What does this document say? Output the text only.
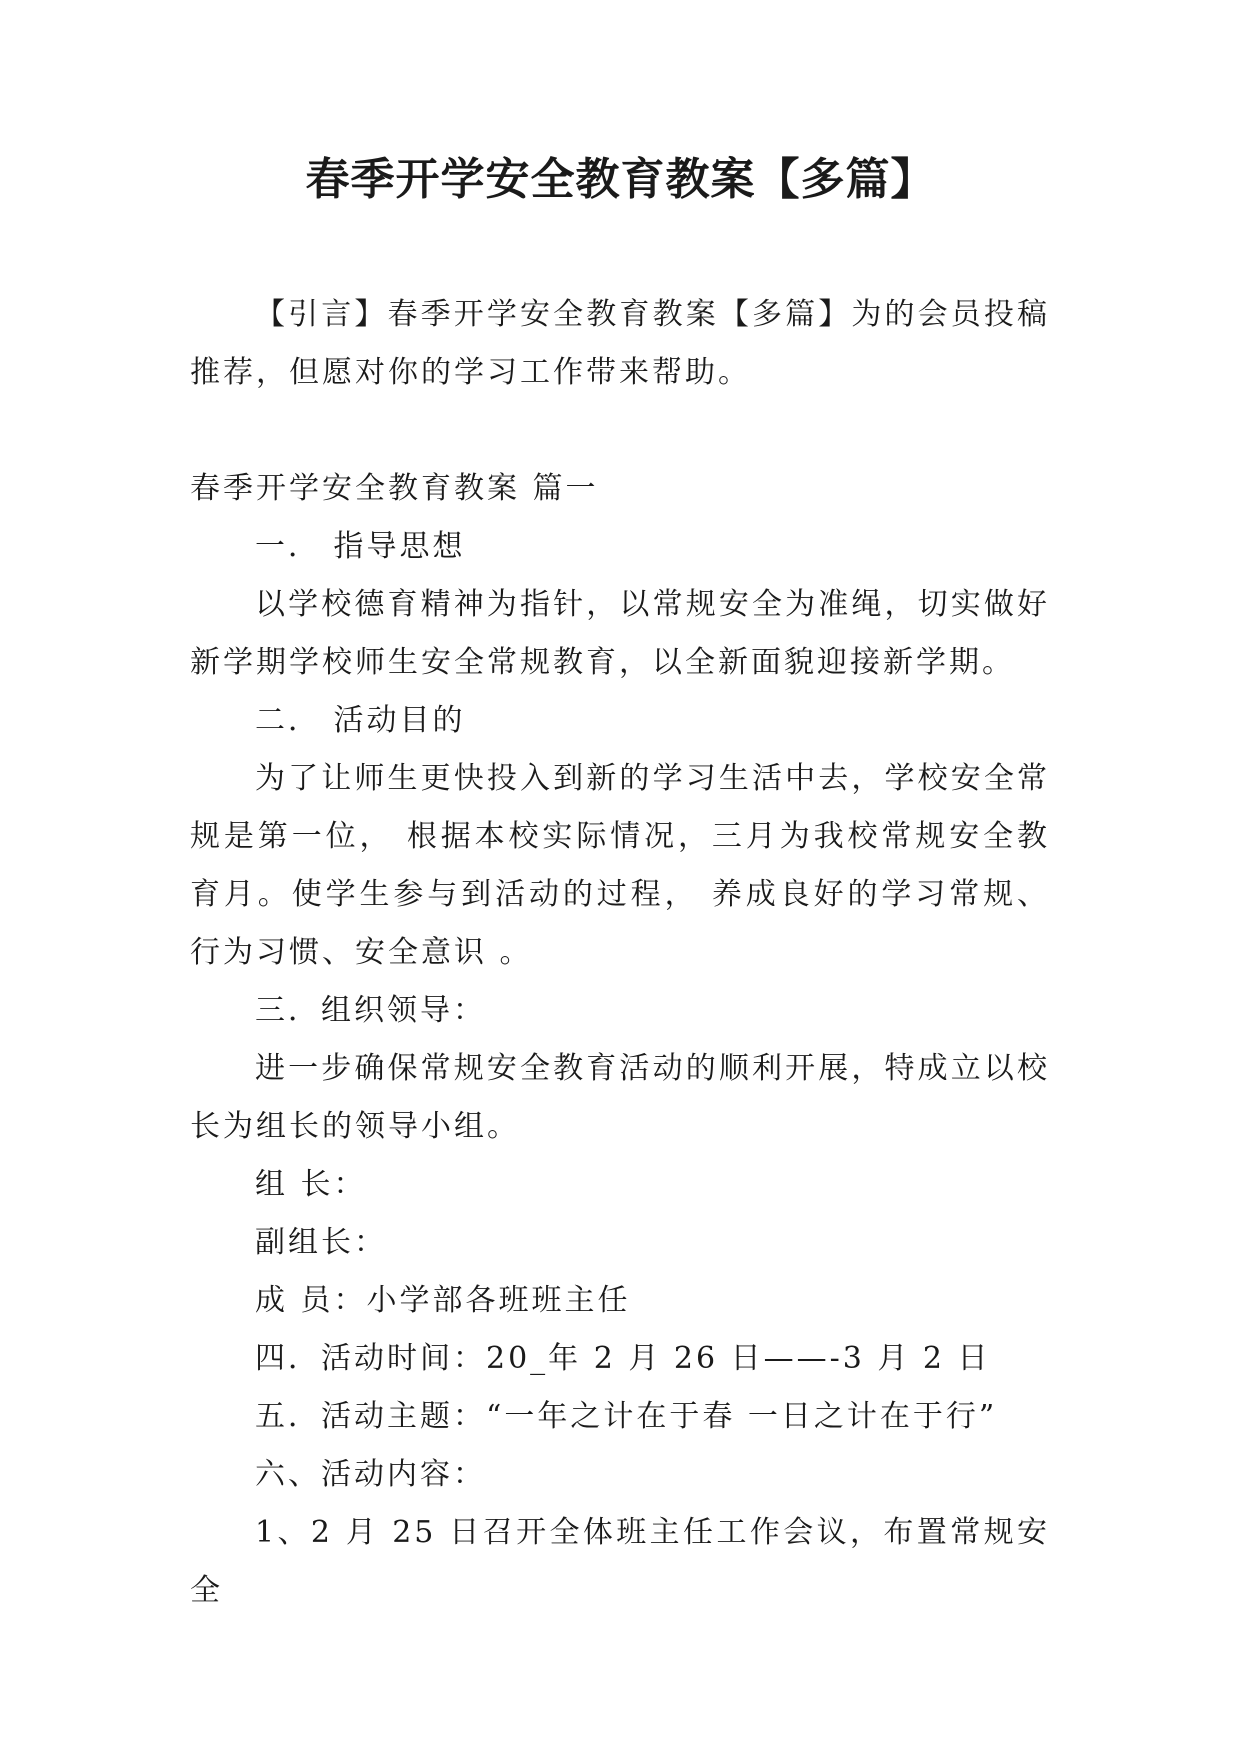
春季开学安全教育教案【多篇】

【引言】春季开学安全教育教案【多篇】为的会员投稿推荐，但愿对你的学习工作带来帮助。

春季开学安全教育教案 篇一

一． 指导思想

以学校德育精神为指针，以常规安全为准绳，切实做好新学期学校师生安全常规教育，以全新面貌迎接新学期。

二． 活动目的

为了让师生更快投入到新的学习生活中去，学校安全常规是第一位， 根据本校实际情况，三月为我校常规安全教育月。使学生参与到活动的过程， 养成良好的学习常规、行为习惯、安全意识 。

三．组织领导：

进一步确保常规安全教育活动的顺利开展，特成立以校长为组长的领导小组。

组 长：

副组长：

成 员：小学部各班班主任

四．活动时间：20_年 2 月 26 日——-3 月 2 日

五．活动主题：“一年之计在于春 一日之计在于行”

六、活动内容：

1、2 月 25 日召开全体班主任工作会议，布置常规安全
